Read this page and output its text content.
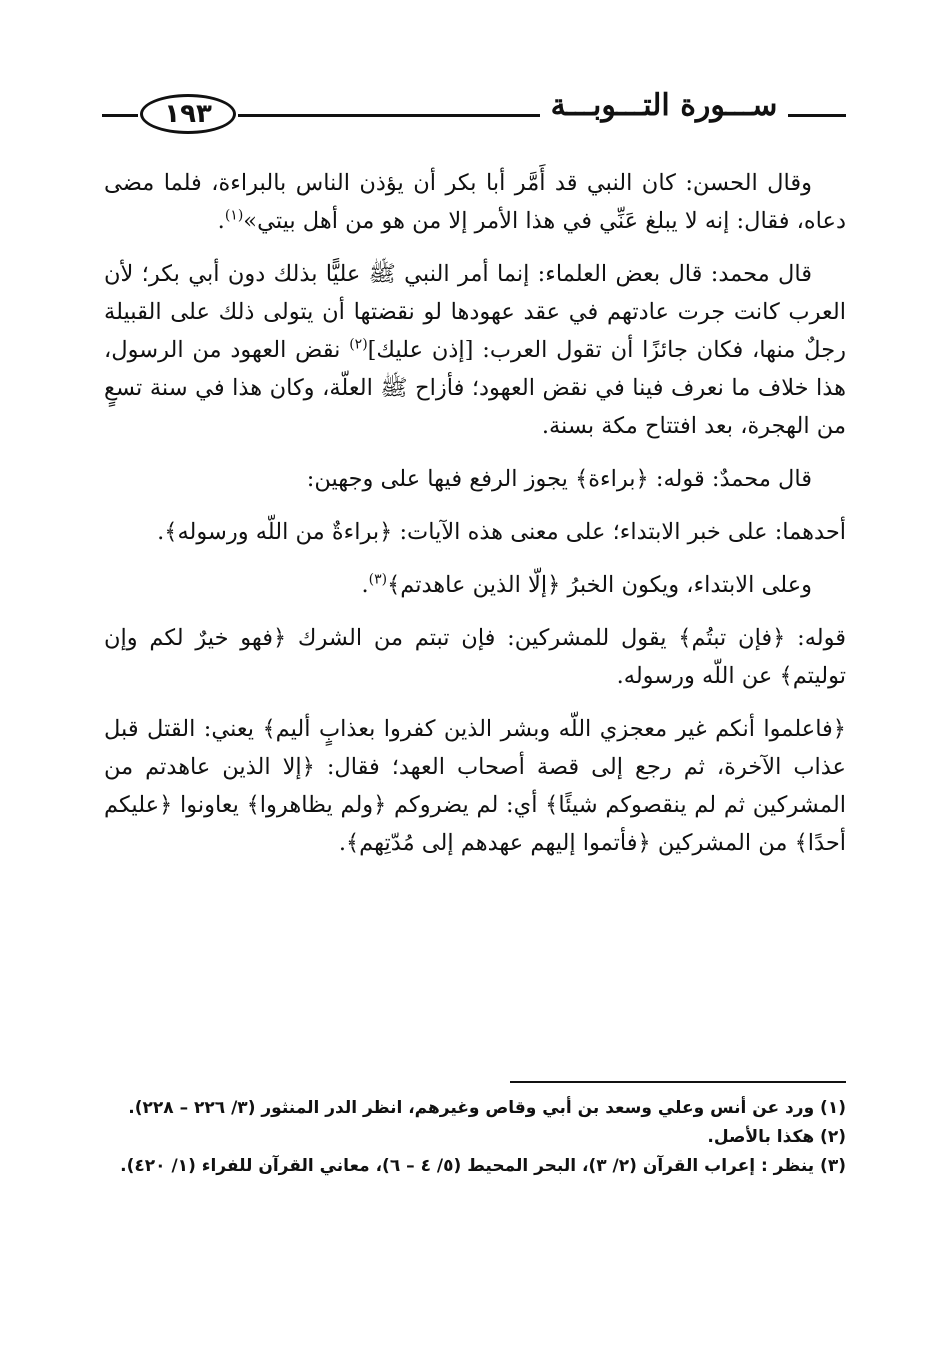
١٩٣	ســـورة التـــوبـــة

وقال الحسن: كان النبي قد أَمَّر أبا بكر أن يؤذن الناس بالبراءة، فلما مضى دعاه، فقال: إنه لا يبلغ عَنِّي في هذا الأمر إلا من هو من أهل بيتي»$^{(١)}$.

قال محمد: قال بعض العلماء: إنما أمر النبي ﷺ عليًّا بذلك دون أبي بكر؛ لأن العرب كانت جرت عادتهم في عقد عهودها لو نقضتها أن يتولى ذلك على القبيلة رجلٌ منها، فكان جائزًا أن تقول العرب: [إذن عليك]$^{(٢)}$ نقض العهود من الرسول، هذا خلاف ما نعرف فينا في نقض العهود؛ فأزاح ﷺ العلّة، وكان هذا في سنة تسعٍ من الهجرة، بعد افتتاح مكة بسنة.

قال محمدٌ: قوله: ﴿براءة﴾ يجوز الرفع فيها على وجهين:

أحدهما: على خبر الابتداء؛ على معنى هذه الآيات: ﴿براءةٌ من اللّه ورسوله﴾.

وعلى الابتداء، ويكون الخبرُ ﴿إلّا الذين عاهدتم﴾$^{(٣)}$.

قوله: ﴿فإن تبتُم﴾ يقول للمشركين: فإن تبتم من الشرك ﴿فهو خيرٌ لكم وإن توليتم﴾ عن اللّه ورسوله.

﴿فاعلموا أنكم غير معجزي اللّه وبشر الذين كفروا بعذابٍ أليم﴾ يعني: القتل قبل عذاب الآخرة، ثم رجع إلى قصة أصحاب العهد؛ فقال: ﴿إلا الذين عاهدتم من المشركين ثم لم ينقصوكم شيئًا﴾ أي: لم يضروكم ﴿ولم يظاهروا﴾ يعاونوا ﴿عليكم أحدًا﴾ من المشركين ﴿فأتموا إليهم عهدهم إلى مُدّتِهم﴾.

(١) ورد عن أنس وعلي وسعد بن أبي وقاص وغيرهم، انظر الدر المنثور (٣/ ٢٢٦ – ٢٢٨).

(٢) هكذا بالأصل.

(٣) ينظر : إعراب القرآن (٢/ ٣)، البحر المحيط (٥/ ٤ – ٦)، معاني القرآن للفراء (١/ ٤٢٠).
